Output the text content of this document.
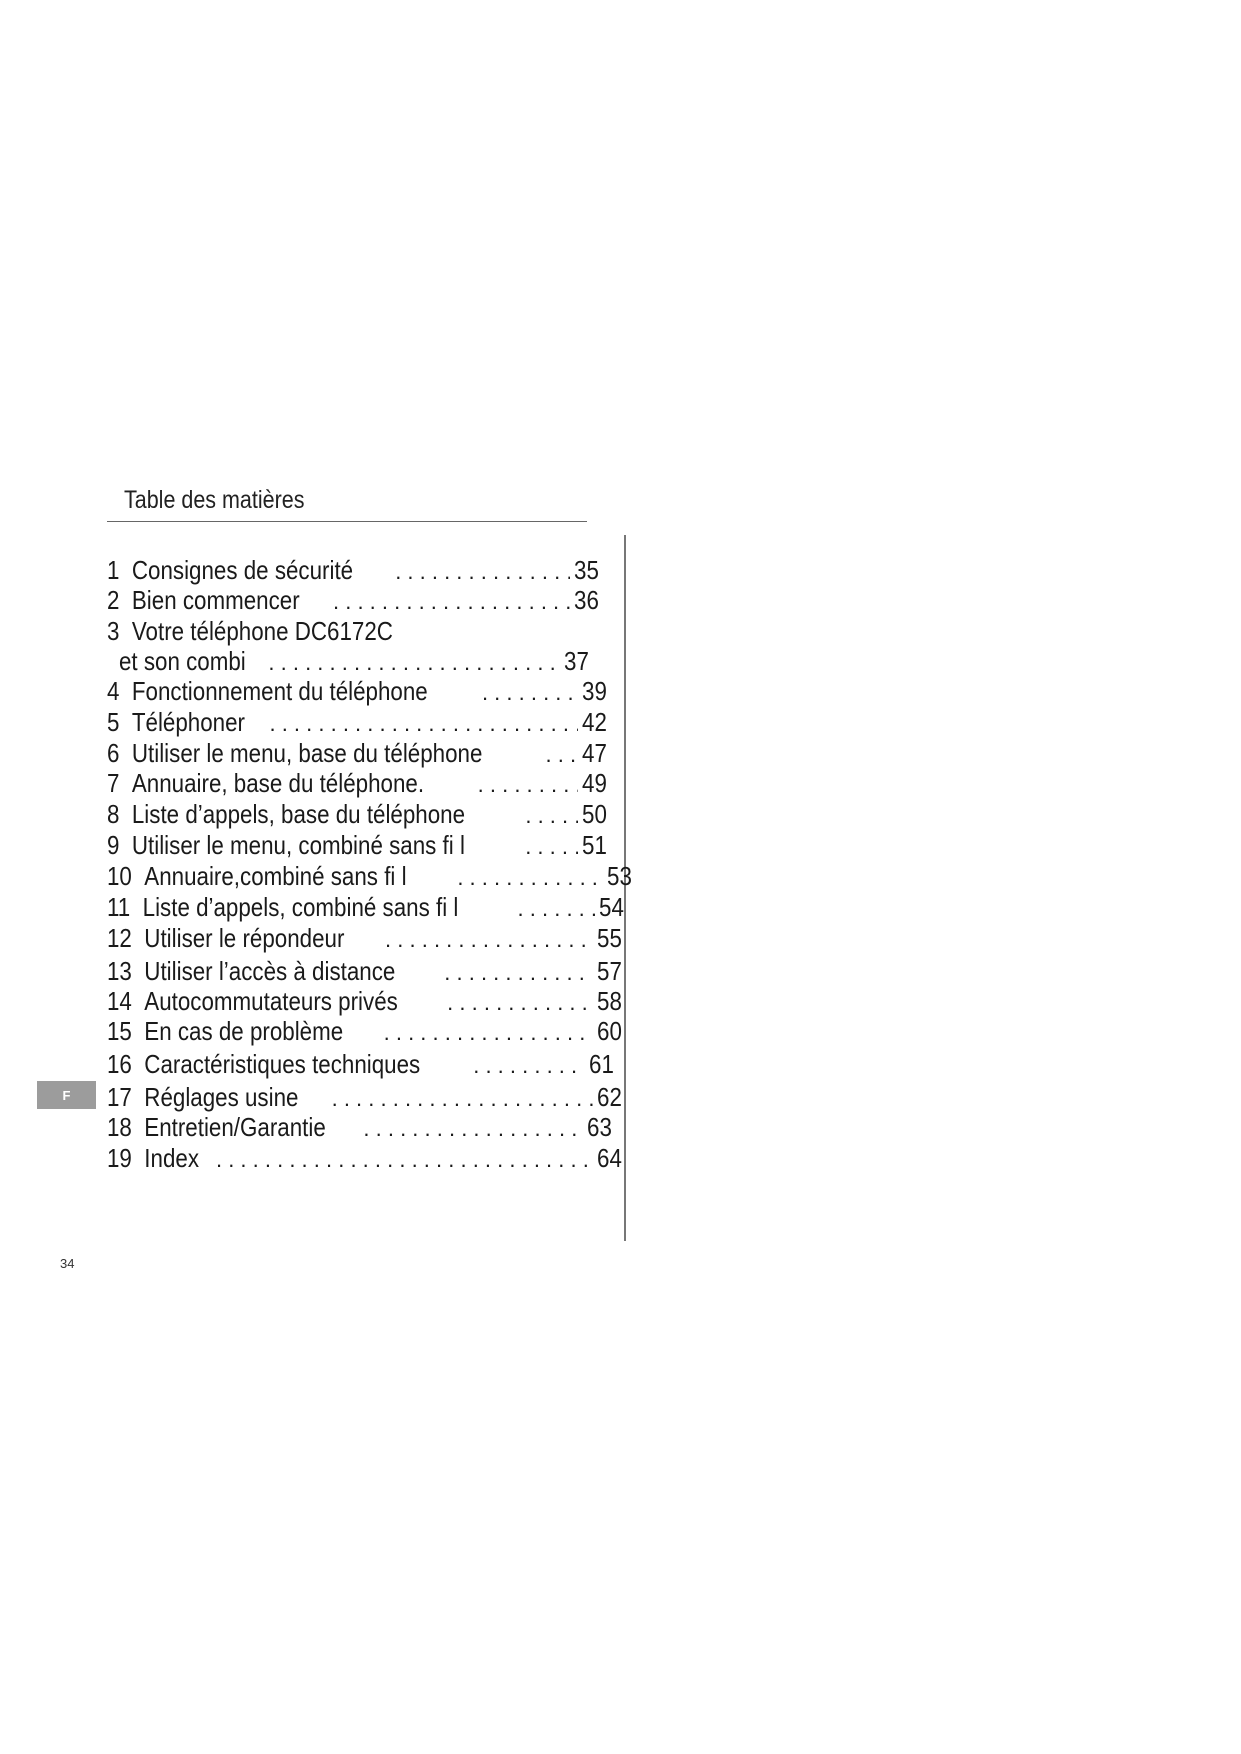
Table des matières
1 Consignes de sécurité . . .	35
2 Bien commencer . . .	36
3 Votre téléphone DC6172C
et son combi . . .	37
4 Fonctionnement du téléphone . . .	39
5 Téléphoner . . .	42
6 Utiliser le menu, base du téléphone . . .	47
7 Annuaire, base du téléphone. . . .	49
8 Liste d’appels, base du téléphone . . .	50
9 Utiliser le menu, combiné sans fi l . . .	51
10 Annuaire,combiné sans fi l . . .	53
11 Liste d’appels, combiné sans fi l . . .	54
12 Utiliser le répondeur . . .	55
13 Utiliser l’accès à distance . . .	57
14 Autocommutateurs privés . . .	58
15 En cas de problème . . .	60
16 Caractéristiques techniques . . .	61
17 Réglages usine . . .	62
18 Entretien/Garantie . . .	63
19 Index . . .	64
F
34
